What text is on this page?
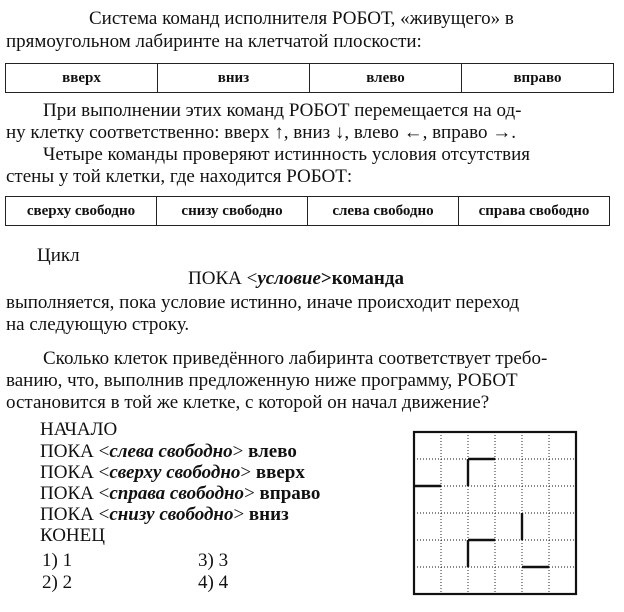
Система команд исполнителя РОБОТ, «живущего» в
прямоугольном лабиринте на клетчатой плоскости:
вверх	вниз	влево	вправо
При выполнении этих команд РОБОТ перемещается на од-
ну клетку соответственно: вверх ↑, вниз ↓, влево ←, вправо →.
Четыре команды проверяют истинность условия отсутствия
стены у той клетки, где находится РОБОТ:
сверху свободно	снизу свободно	слева свободно	справа свободно
Цикл
ПОКА <условие>команда
выполняется, пока условие истинно, иначе происходит переход
на следующую строку.
Сколько клеток приведённого лабиринта соответствует требо-
ванию, что, выполнив предложенную ниже программу, РОБОТ
остановится в той же клетке, с которой он начал движение?
НАЧАЛО
ПОКА <слева свободно> влево
ПОКА <сверху свободно> вверх
ПОКА <справа свободно> вправо
ПОКА <снизу свободно> вниз
КОНЕЦ
1) 1
2) 2
3) 3
4) 4
